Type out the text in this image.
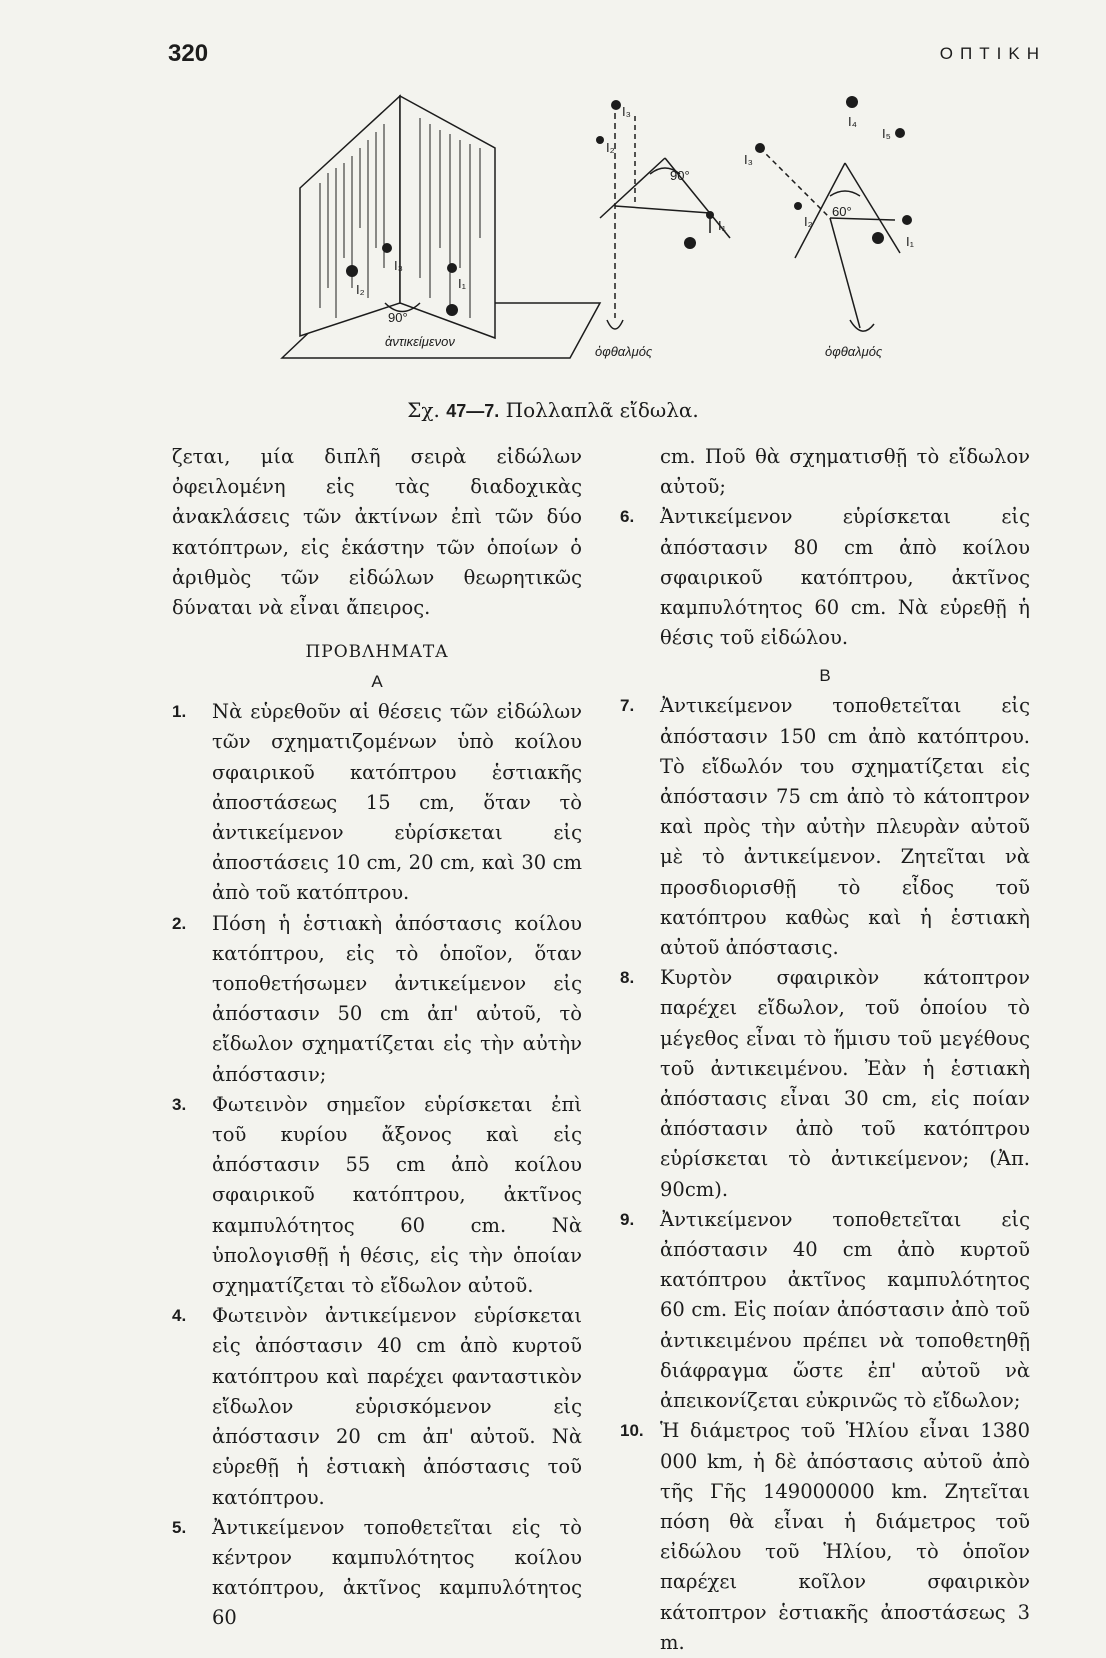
320	ΟΠΤΙΚΗ
I₃
I₂	I₁
90°
ἀντικείμενον
I₃
I₂
I₁
90°
ὀφθαλμός
I₄
I₅
I₃
I₂
I₁
60°
ὀφθαλμός
Σχ. 47—7. Πολλαπλᾶ εἴδωλα.

ζεται, μία διπλῆ σειρὰ εἰδώλων ὀφειλομένη εἰς τὰς διαδοχικὰς ἀνακλάσεις τῶν ἀκτίνων ἐπὶ τῶν δύο κατόπτρων, εἰς ἑκάστην τῶν ὁποίων ὁ ἀριθμὸς τῶν εἰδώλων θεωρητικῶς δύναται νὰ εἶναι ἄπειρος.

ΠΡΟΒΛΗΜΑΤΑ

Α

1. Νὰ εὑρεθοῦν αἱ θέσεις τῶν εἰδώλων τῶν σχηματιζομένων ὑπὸ κοίλου σφαιρικοῦ κατόπτρου ἑστιακῆς ἀποστάσεως 15 cm, ὅταν τὸ ἀντικείμενον εὑρίσκεται εἰς ἀποστάσεις 10 cm, 20 cm, καὶ 30 cm ἀπὸ τοῦ κατόπτρου.

2. Πόση ἡ ἑστιακὴ ἀπόστασις κοίλου κατόπτρου, εἰς τὸ ὁποῖον, ὅταν τοποθετήσωμεν ἀντικείμενον εἰς ἀπόστασιν 50 cm ἀπ' αὐτοῦ, τὸ εἴδωλον σχηματίζεται εἰς τὴν αὐτὴν ἀπόστασιν;

3. Φωτεινὸν σημεῖον εὑρίσκεται ἐπὶ τοῦ κυρίου ἄξονος καὶ εἰς ἀπόστασιν 55 cm ἀπὸ κοίλου σφαιρικοῦ κατόπτρου, ἀκτῖνος καμπυλότητος 60 cm. Νὰ ὑπολογισθῇ ἡ θέσις, εἰς τὴν ὁποίαν σχηματίζεται τὸ εἴδωλον αὐτοῦ.

4. Φωτεινὸν ἀντικείμενον εὑρίσκεται εἰς ἀπόστασιν 40 cm ἀπὸ κυρτοῦ κατόπτρου καὶ παρέχει φανταστικὸν εἴδωλον εὑρισκόμενον εἰς ἀπόστασιν 20 cm ἀπ' αὐτοῦ. Νὰ εὑρεθῇ ἡ ἑστιακὴ ἀπόστασις τοῦ κατόπτρου.

5. Ἀντικείμενον τοποθετεῖται εἰς τὸ κέντρον καμπυλότητος κοίλου κατόπτρου, ἀκτῖνος καμπυλότητος 60

cm. Ποῦ θὰ σχηματισθῇ τὸ εἴδωλον αὐτοῦ;

6. Ἀντικείμενον εὑρίσκεται εἰς ἀπόστασιν 80 cm ἀπὸ κοίλου σφαιρικοῦ κατόπτρου, ἀκτῖνος καμπυλότητος 60 cm. Νὰ εὑρεθῇ ἡ θέσις τοῦ εἰδώλου.

Β

7. Ἀντικείμενον τοποθετεῖται εἰς ἀπόστασιν 150 cm ἀπὸ κατόπτρου. Τὸ εἴδωλόν του σχηματίζεται εἰς ἀπόστασιν 75 cm ἀπὸ τὸ κάτοπτρον καὶ πρὸς τὴν αὐτὴν πλευρὰν αὐτοῦ μὲ τὸ ἀντικείμενον. Ζητεῖται νὰ προσδιορισθῇ τὸ εἶδος τοῦ κατόπτρου καθὼς καὶ ἡ ἑστιακὴ αὐτοῦ ἀπόστασις.

8. Κυρτὸν σφαιρικὸν κάτοπτρον παρέχει εἴδωλον, τοῦ ὁποίου τὸ μέγεθος εἶναι τὸ ἥμισυ τοῦ μεγέθους τοῦ ἀντικειμένου. Ἐὰν ἡ ἑστιακὴ ἀπόστασις εἶναι 30 cm, εἰς ποίαν ἀπόστασιν ἀπὸ τοῦ κατόπτρου εὑρίσκεται τὸ ἀντικείμενον; (Ἀπ. 90cm).

9. Ἀντικείμενον τοποθετεῖται εἰς ἀπόστασιν 40 cm ἀπὸ κυρτοῦ κατόπτρου ἀκτῖνος καμπυλότητος 60 cm. Εἰς ποίαν ἀπόστασιν ἀπὸ τοῦ ἀντικειμένου πρέπει νὰ τοποθετηθῇ διάφραγμα ὥστε ἐπ' αὐτοῦ νὰ ἀπεικονίζεται εὐκρινῶς τὸ εἴδωλον;

10. Ἡ διάμετρος τοῦ Ἡλίου εἶναι 1380 000 km, ἡ δὲ ἀπόστασις αὐτοῦ ἀπὸ τῆς Γῆς 149000000 km. Ζητεῖται πόση θὰ εἶναι ἡ διάμετρος τοῦ εἰδώλου τοῦ Ἡλίου, τὸ ὁποῖον παρέχει κοῖλον σφαιρικὸν κάτοπτρον ἑστιακῆς ἀποστάσεως 3 m.
